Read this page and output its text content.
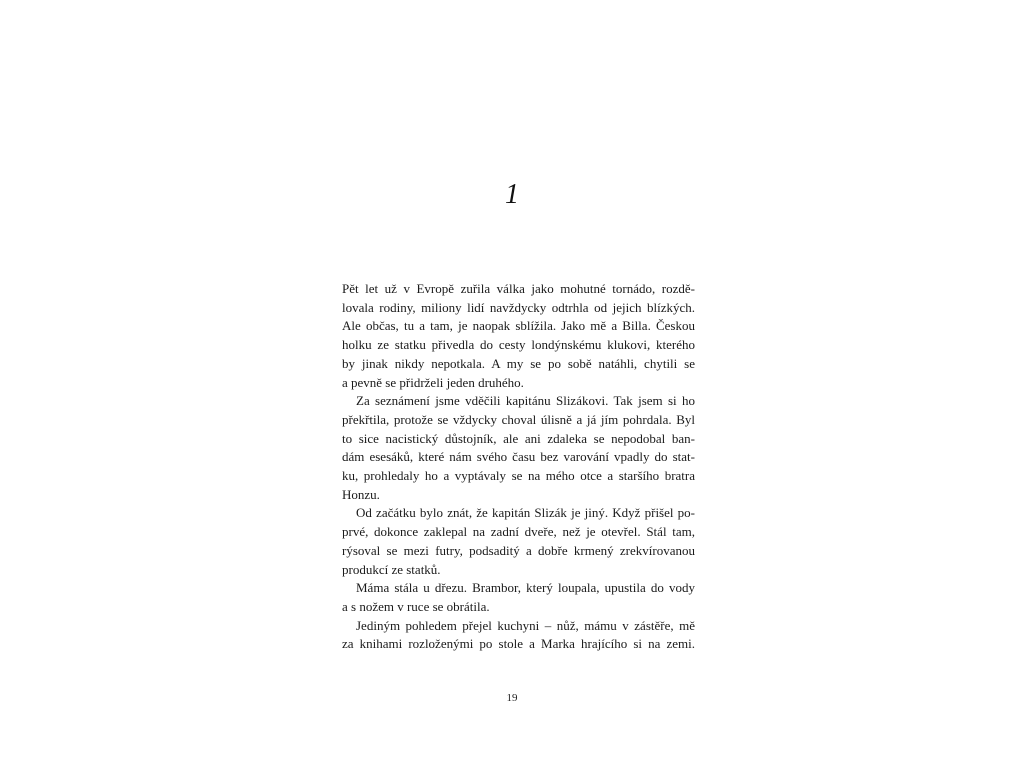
1

Pět let už v Evropě zuřila válka jako mohutné tornádo, rozdě-
lovala rodiny, miliony lidí navždycky odtrhla od jejich blízkých.
Ale občas, tu a tam, je naopak sblížila. Jako mě a Billa. Českou
holku ze statku přivedla do cesty londýnskému klukovi, kterého
by jinak nikdy nepotkala. A my se po sobě natáhli, chytili se
a pevně se přidrželi jeden druhého.

Za seznámení jsme vděčili kapitánu Slizákovi. Tak jsem si ho
překřtila, protože se vždycky choval úlisně a já jím pohrdala. Byl
to sice nacistický důstojník, ale ani zdaleka se nepodobal ban-
dám esesáků, které nám svého času bez varování vpadly do stat-
ku, prohledaly ho a vyptávaly se na mého otce a staršího bratra
Honzu.

Od začátku bylo znát, že kapitán Slizák je jiný. Když přišel po-
prvé, dokonce zaklepal na zadní dveře, než je otevřel. Stál tam,
rýsoval se mezi futry, podsaditý a dobře krmený zrekvírovanou
produkcí ze statků.

Máma stála u dřezu. Brambor, který loupala, upustila do vody
a s nožem v ruce se obrátila.

Jediným pohledem přejel kuchyni – nůž, mámu v zástěře, mě
za knihami rozloženými po stole a Marka hrajícího si na zemi.

19
